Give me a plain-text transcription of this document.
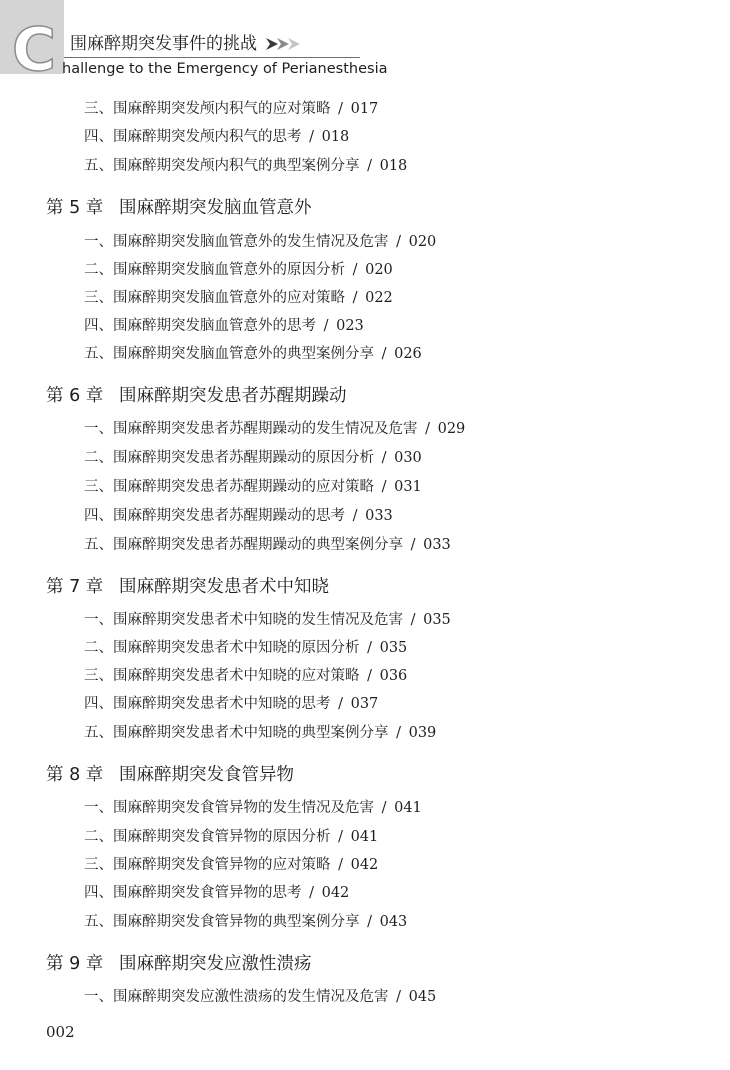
C 围麻醉期突发事件的挑战
hallenge to the Emergency of Perianesthesia
三、围麻醉期突发颅内积气的应对策略 / 017
四、围麻醉期突发颅内积气的思考 / 018
五、围麻醉期突发颅内积气的典型案例分享 / 018
第 5 章 围麻醉期突发脑血管意外
一、围麻醉期突发脑血管意外的发生情况及危害 / 020
二、围麻醉期突发脑血管意外的原因分析 / 020
三、围麻醉期突发脑血管意外的应对策略 / 022
四、围麻醉期突发脑血管意外的思考 / 023
五、围麻醉期突发脑血管意外的典型案例分享 / 026
第 6 章 围麻醉期突发患者苏醒期躁动
一、围麻醉期突发患者苏醒期躁动的发生情况及危害 / 029
二、围麻醉期突发患者苏醒期躁动的原因分析 / 030
三、围麻醉期突发患者苏醒期躁动的应对策略 / 031
四、围麻醉期突发患者苏醒期躁动的思考 / 033
五、围麻醉期突发患者苏醒期躁动的典型案例分享 / 033
第 7 章 围麻醉期突发患者术中知晓
一、围麻醉期突发患者术中知晓的发生情况及危害 / 035
二、围麻醉期突发患者术中知晓的原因分析 / 035
三、围麻醉期突发患者术中知晓的应对策略 / 036
四、围麻醉期突发患者术中知晓的思考 / 037
五、围麻醉期突发患者术中知晓的典型案例分享 / 039
第 8 章 围麻醉期突发食管异物
一、围麻醉期突发食管异物的发生情况及危害 / 041
二、围麻醉期突发食管异物的原因分析 / 041
三、围麻醉期突发食管异物的应对策略 / 042
四、围麻醉期突发食管异物的思考 / 042
五、围麻醉期突发食管异物的典型案例分享 / 043
第 9 章 围麻醉期突发应激性溃疡
一、围麻醉期突发应激性溃疡的发生情况及危害 / 045
002
